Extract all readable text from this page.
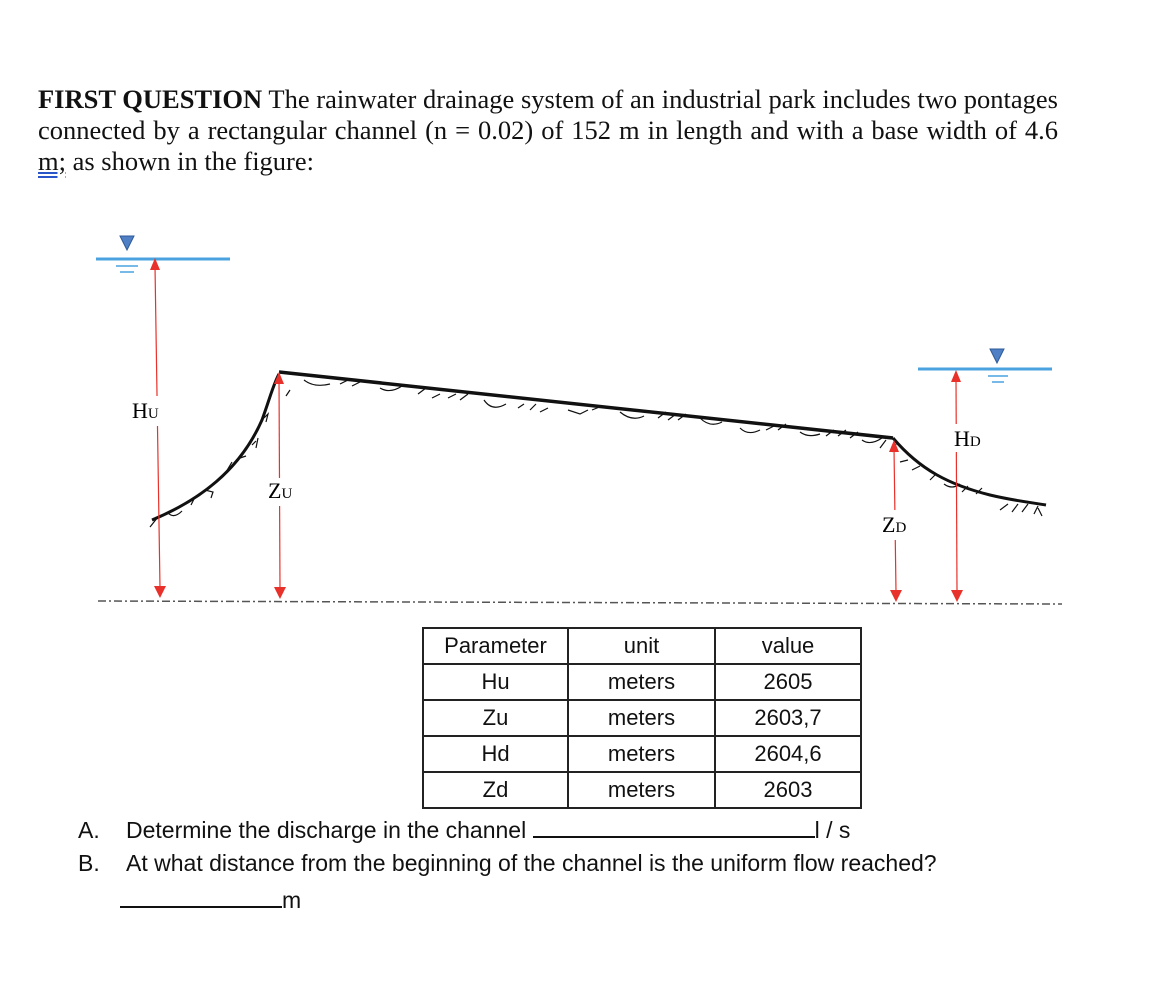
FIRST QUESTION The rainwater drainage system of an industrial park includes two pontages connected by a rectangular channel (n = 0.02) of 152 m in length and with a base width of 4.6 m; as shown in the figure:
HU
ZU
ZD
HD
Parameter	unit	value
Hu	meters	2605
Zu	meters	2603,7
Hd	meters	2604,6
Zd	meters	2603
A. Determine the discharge in the channel	l / s
B. At what distance from the beginning of the channel is the uniform flow reached?
m
